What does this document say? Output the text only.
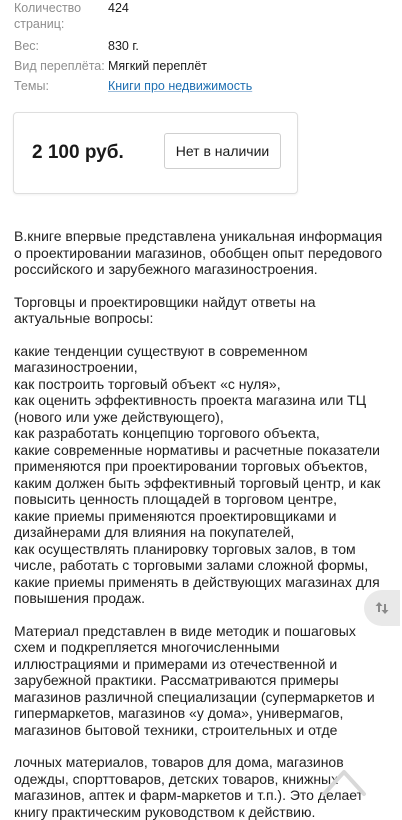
Количество
страниц:
424
Вес:	830 г.
Вид переплёта: Мягкий переплёт
Темы:	Книги про недвижимость
2 100 руб.	Нет в наличии

В.книге впервые представлена уникальная информация
о проектировании магазинов, обобщен опыт передового
российского и зарубежного магазиностроения.

Торговцы и проектировщики найдут ответы на
актуальные вопросы:

какие тенденции существуют в современном
магазиностроении,
как построить торговый объект «с нуля»,
как оценить эффективность проекта магазина или ТЦ
(нового или уже действующего),
как разработать концепцию торгового объекта,
какие современные нормативы и расчетные показатели
применяются при проектировании торговых объектов,
каким должен быть эффективный торговый центр, и как
повысить ценность площадей в торговом центре,
какие приемы применяются проектировщиками и
дизайнерами для влияния на покупателей,
как осуществлять планировку торговых залов, в том
числе, работать с торговыми залами сложной формы,
какие приемы применять в действующих магазинах для
повышения продаж.

Материал представлен в виде методик и пошаговых
схем и подкрепляется многочисленными
иллюстрациями и примерами из отечественной и
зарубежной практики. Рассматриваются примеры
магазинов различной специализации (супермаркетов и
гипермаркетов, магазинов «у дома», универмагов,
магазинов бытовой техники, строительных и отде

лочных материалов, товаров для дома, магазинов
одежды, спорттоваров, детских товаров, книжных
магазинов, аптек и фарм-маркетов и т.п.). Это делает
книгу практическим руководством к действию.
